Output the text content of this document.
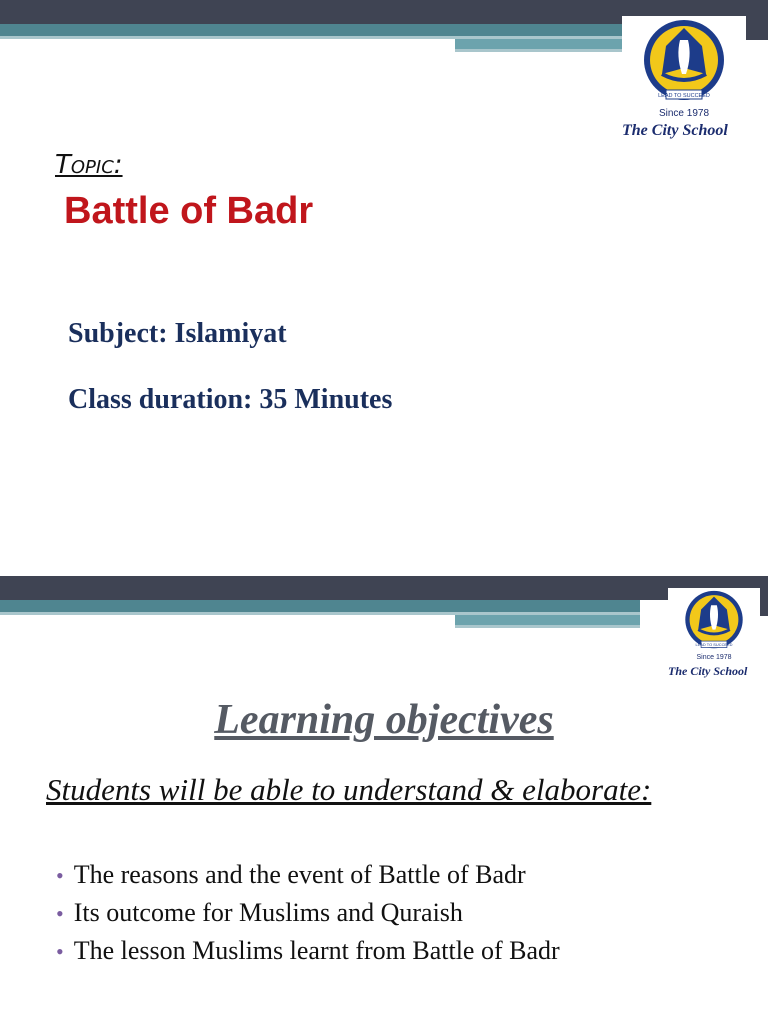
LEAD TO SUCCEED
Since 1978
The City School
Topic:
Battle of Badr
Subject: Islamiyat
Class duration: 35 Minutes
LEAD TO SUCCEED
Since 1978
The City School
Learning objectives
Students will be able to understand & elaborate:
• The reasons and the event of Battle of Badr
• Its outcome for Muslims and Quraish
• The lesson Muslims learnt from Battle of Badr
